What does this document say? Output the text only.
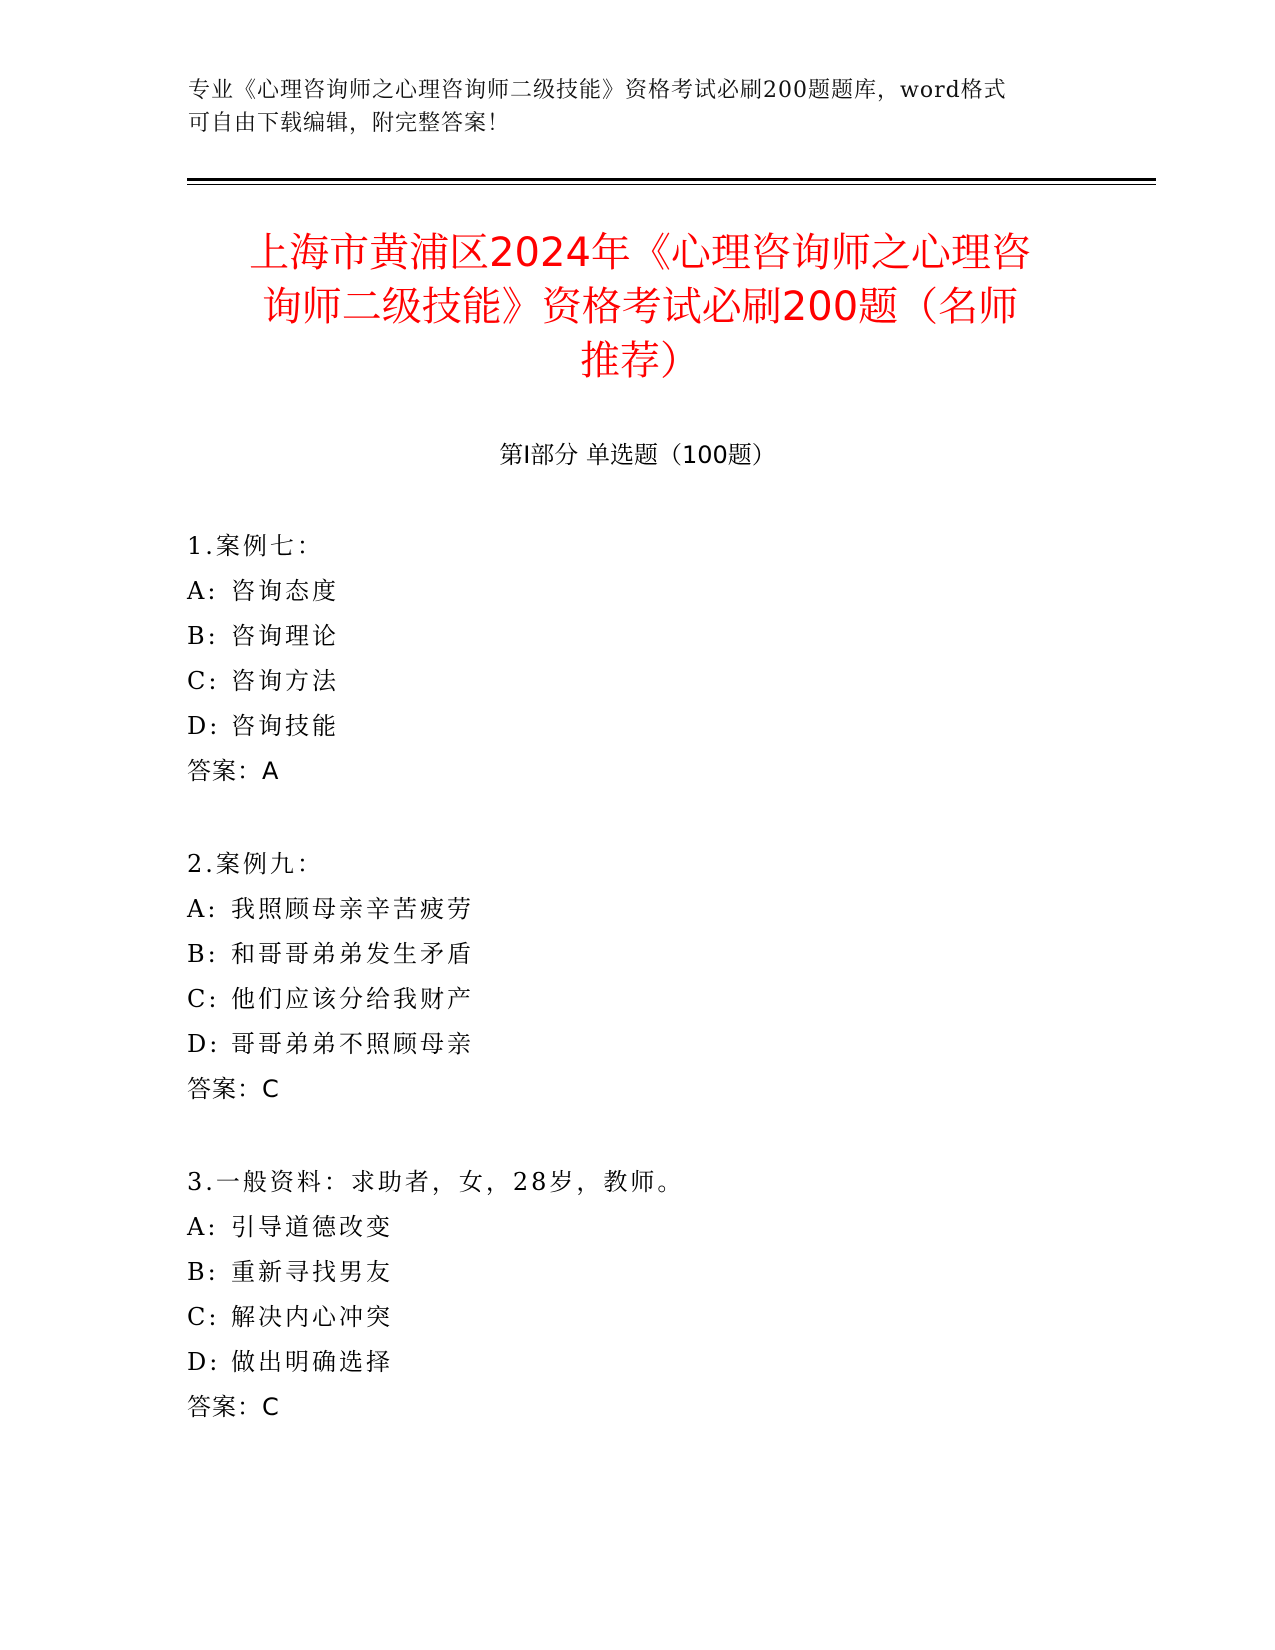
专业《心理咨询师之心理咨询师二级技能》资格考试必刷200题题库，word格式
可自由下载编辑，附完整答案！
上海市黄浦区2024年《心理咨询师之心理咨
询师二级技能》资格考试必刷200题（名师
推荐）
第Ⅰ部分 单选题（100题）
1.案例七：
A: 咨询态度
B: 咨询理论
C: 咨询方法
D: 咨询技能
答案：A
2.案例九：
A: 我照顾母亲辛苦疲劳
B: 和哥哥弟弟发生矛盾
C: 他们应该分给我财产
D: 哥哥弟弟不照顾母亲
答案：C
3.一般资料：求助者，女，28岁，教师。
A: 引导道德改变
B: 重新寻找男友
C: 解决内心冲突
D: 做出明确选择
答案：C
